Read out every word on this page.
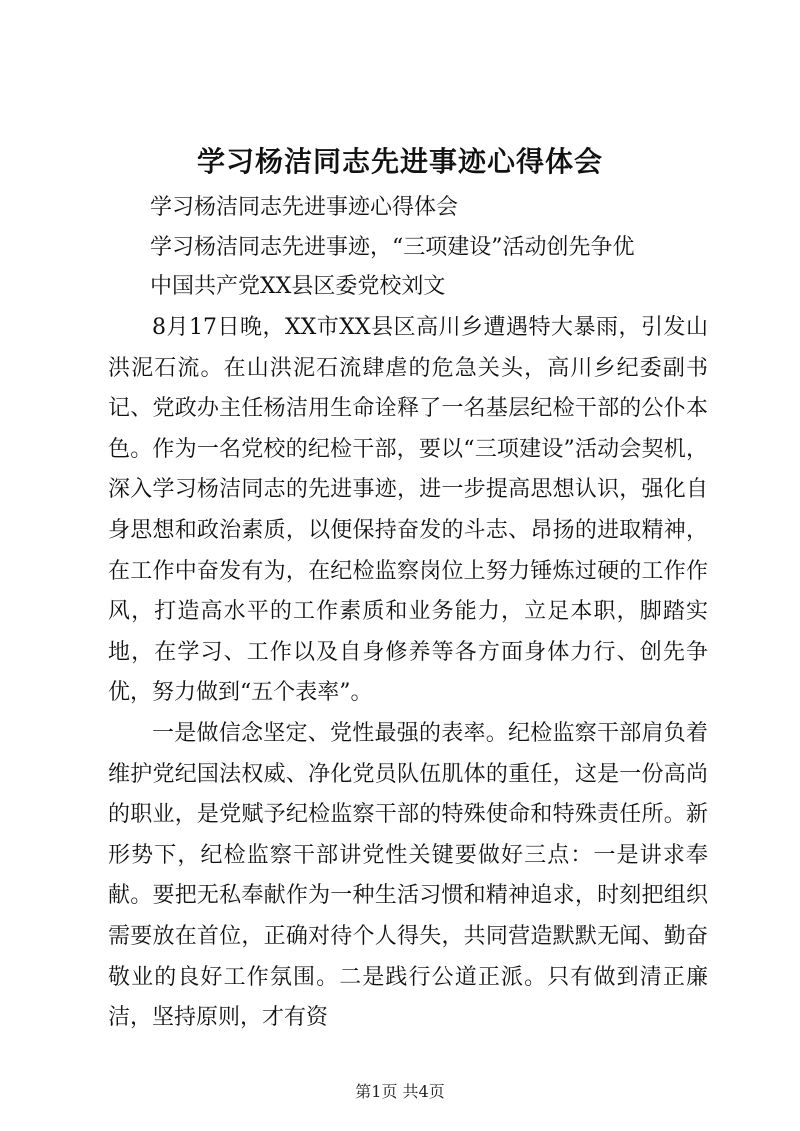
学习杨洁同志先进事迹心得体会
学习杨洁同志先进事迹心得体会
学习杨洁同志先进事迹，“三项建设”活动创先争优
中国共产党XX县区委党校刘文

8月17日晚，XX市XX县区高川乡遭遇特大暴雨，引发山洪泥石流。在山洪泥石流肆虐的危急关头，高川乡纪委副书记、党政办主任杨洁用生命诠释了一名基层纪检干部的公仆本色。作为一名党校的纪检干部，要以“三项建设”活动会契机，深入学习杨洁同志的先进事迹，进一步提高思想认识，强化自身思想和政治素质，以便保持奋发的斗志、昂扬的进取精神，在工作中奋发有为，在纪检监察岗位上努力锤炼过硬的工作作风，打造高水平的工作素质和业务能力，立足本职，脚踏实地，在学习、工作以及自身修养等各方面身体力行、创先争优，努力做到“五个表率”。

一是做信念坚定、党性最强的表率。纪检监察干部肩负着维护党纪国法权威、净化党员队伍肌体的重任，这是一份高尚的职业，是党赋予纪检监察干部的特殊使命和特殊责任所。新形势下，纪检监察干部讲党性关键要做好三点：一是讲求奉献。要把无私奉献作为一种生活习惯和精神追求，时刻把组织需要放在首位，正确对待个人得失，共同营造默默无闻、勤奋敬业的良好工作氛围。二是践行公道正派。只有做到清正廉洁，坚持原则，才有资

第1页 共4页
